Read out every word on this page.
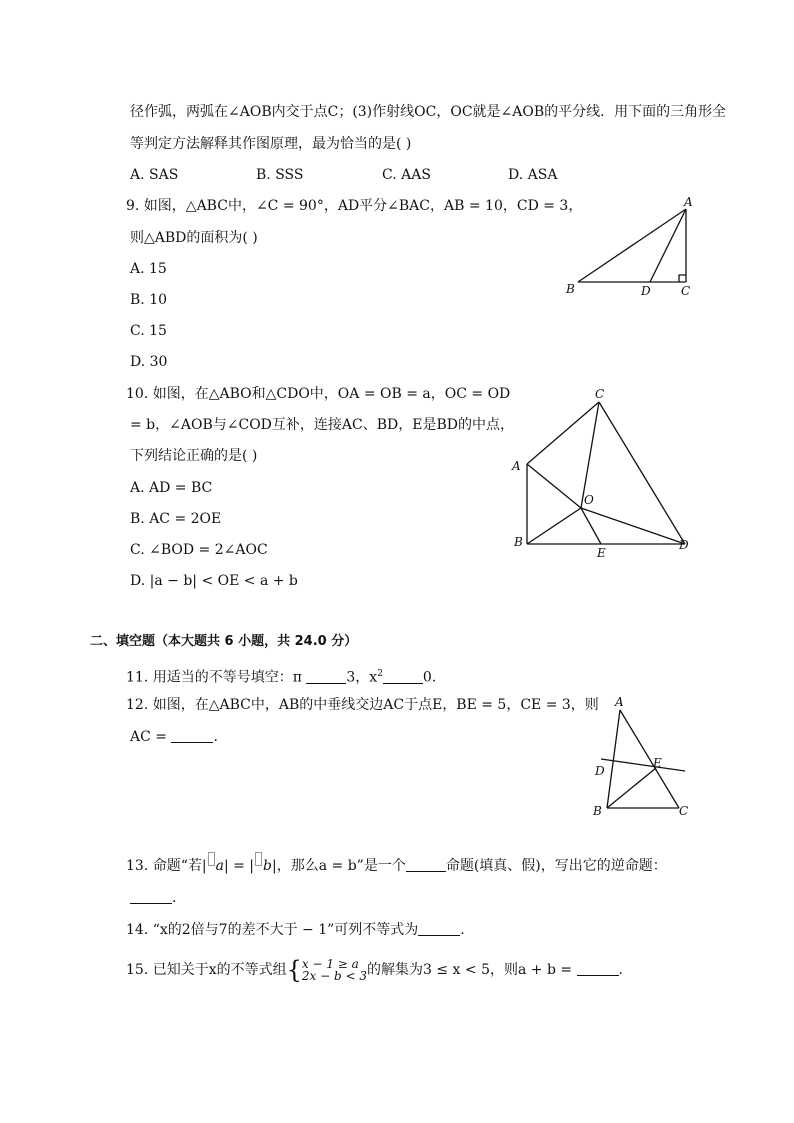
径作弧，两弧在∠AOB内交于点C；(3)作射线OC，OC就是∠AOB的平分线．用下面的三角形全
等判定方法解释其作图原理，最为恰当的是( )
A. SAS	B. SSS	C. AAS	D. ASA
9. 如图，△ABC中，∠C = 90°，AD平分∠BAC，AB = 10，CD = 3，
则△ABD的面积为( )
A. 15
B. 10
C. 15
D. 30
A
B	D	C
10. 如图，在△ABO和△CDO中，OA = OB = a，OC = OD
= b，∠AOB与∠COD互补，连接AC、BD，E是BD的中点，
下列结论正确的是( )
A. AD = BC
B. AC = 2OE
C. ∠BOD = 2∠AOC
D. |a − b| < OE < a + b
C
A
O
B
E
D
二、填空题（本大题共 6 小题，共 24.0 分）
11. 用适当的不等号填空：π	3，$x^2$	0.
12. 如图，在△ABC中，AB的中垂线交边AC于点E，BE = 5，CE = 3，则
AC =	.
A
D
E
B	C
13. 命题“若| a| = | b|，那么a = b”是一个	命题(填真、假)，写出它的逆命题：
.
14. “x的2倍与7的差不大于 − 1”可列不等式为	.
15. 已知关于x的不等式组{ x − 1 ≥ a
2x − b < 3 的解集为3 ≤ x < 5，则a + b =	.
